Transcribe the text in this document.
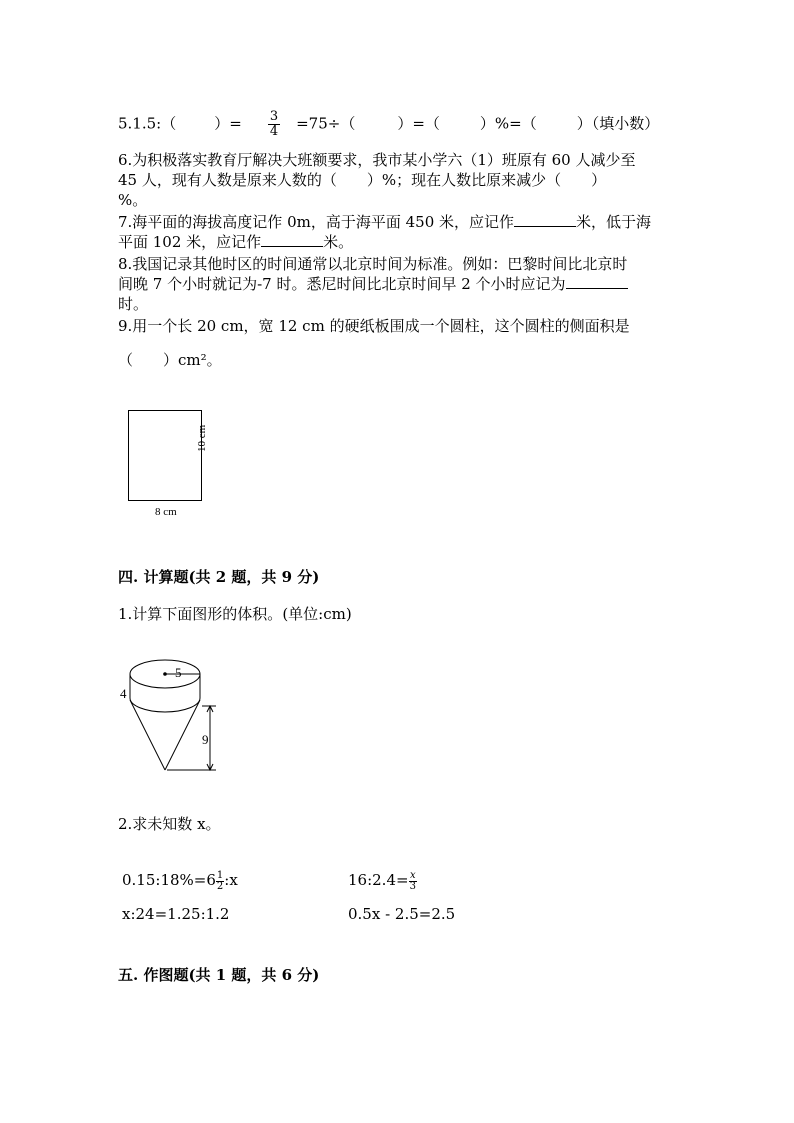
5.1.5:（	）= $\frac{3}{4} =75\div$（	）=（	）%=（	）（填小数）
6.为积极落实教育厅解决大班额要求，我市某小学六（1）班原有 60 人减少至
45 人，现有人数是原来人数的（　　）%；现在人数比原来减少（　　）
%。
7.海平面的海拔高度记作 0m，高于海平面 450 米，应记作	米，低于海
平面 102 米，应记作	米。
8.我国记录其他时区的时间通常以北京时间为标准。例如：巴黎时间比北京时
间晚 7 个小时就记为-7 时。悉尼时间比北京时间早 2 个小时应记为
时。
9.用一个长 20 cm，宽 12 cm 的硬纸板围成一个圆柱，这个圆柱的侧面积是
（　　）cm²。
8 cm
10 cm
四. 计算题(共 2 题，共 9 分)
1.计算下面图形的体积。(单位:cm)
5
4
9
2.求未知数 x。
0.15:18%=6 $\frac{1}{2}$ :x	16:2.4= $\frac{x}{3}$
x:24=1.25:1.2	0.5x - 2.5=2.5
五. 作图题(共 1 题，共 6 分)
